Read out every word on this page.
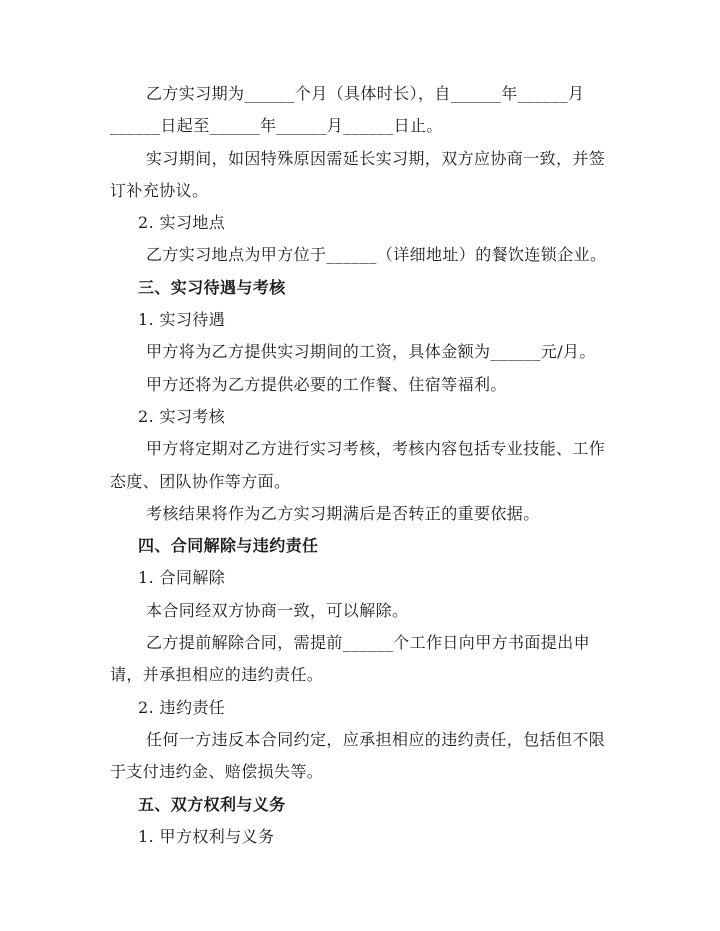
乙方实习期为______个月（具体时长），自______年______月
______日起至______年______月______日止。
实习期间，如因特殊原因需延长实习期，双方应协商一致，并签
订补充协议。
2. 实习地点
乙方实习地点为甲方位于______（详细地址）的餐饮连锁企业。
三、实习待遇与考核
1. 实习待遇
甲方将为乙方提供实习期间的工资，具体金额为______元/月。
甲方还将为乙方提供必要的工作餐、住宿等福利。
2. 实习考核
甲方将定期对乙方进行实习考核，考核内容包括专业技能、工作
态度、团队协作等方面。
考核结果将作为乙方实习期满后是否转正的重要依据。
四、合同解除与违约责任
1. 合同解除
本合同经双方协商一致，可以解除。
乙方提前解除合同，需提前______个工作日向甲方书面提出申
请，并承担相应的违约责任。
2. 违约责任
任何一方违反本合同约定，应承担相应的违约责任，包括但不限
于支付违约金、赔偿损失等。
五、双方权利与义务
1. 甲方权利与义务
